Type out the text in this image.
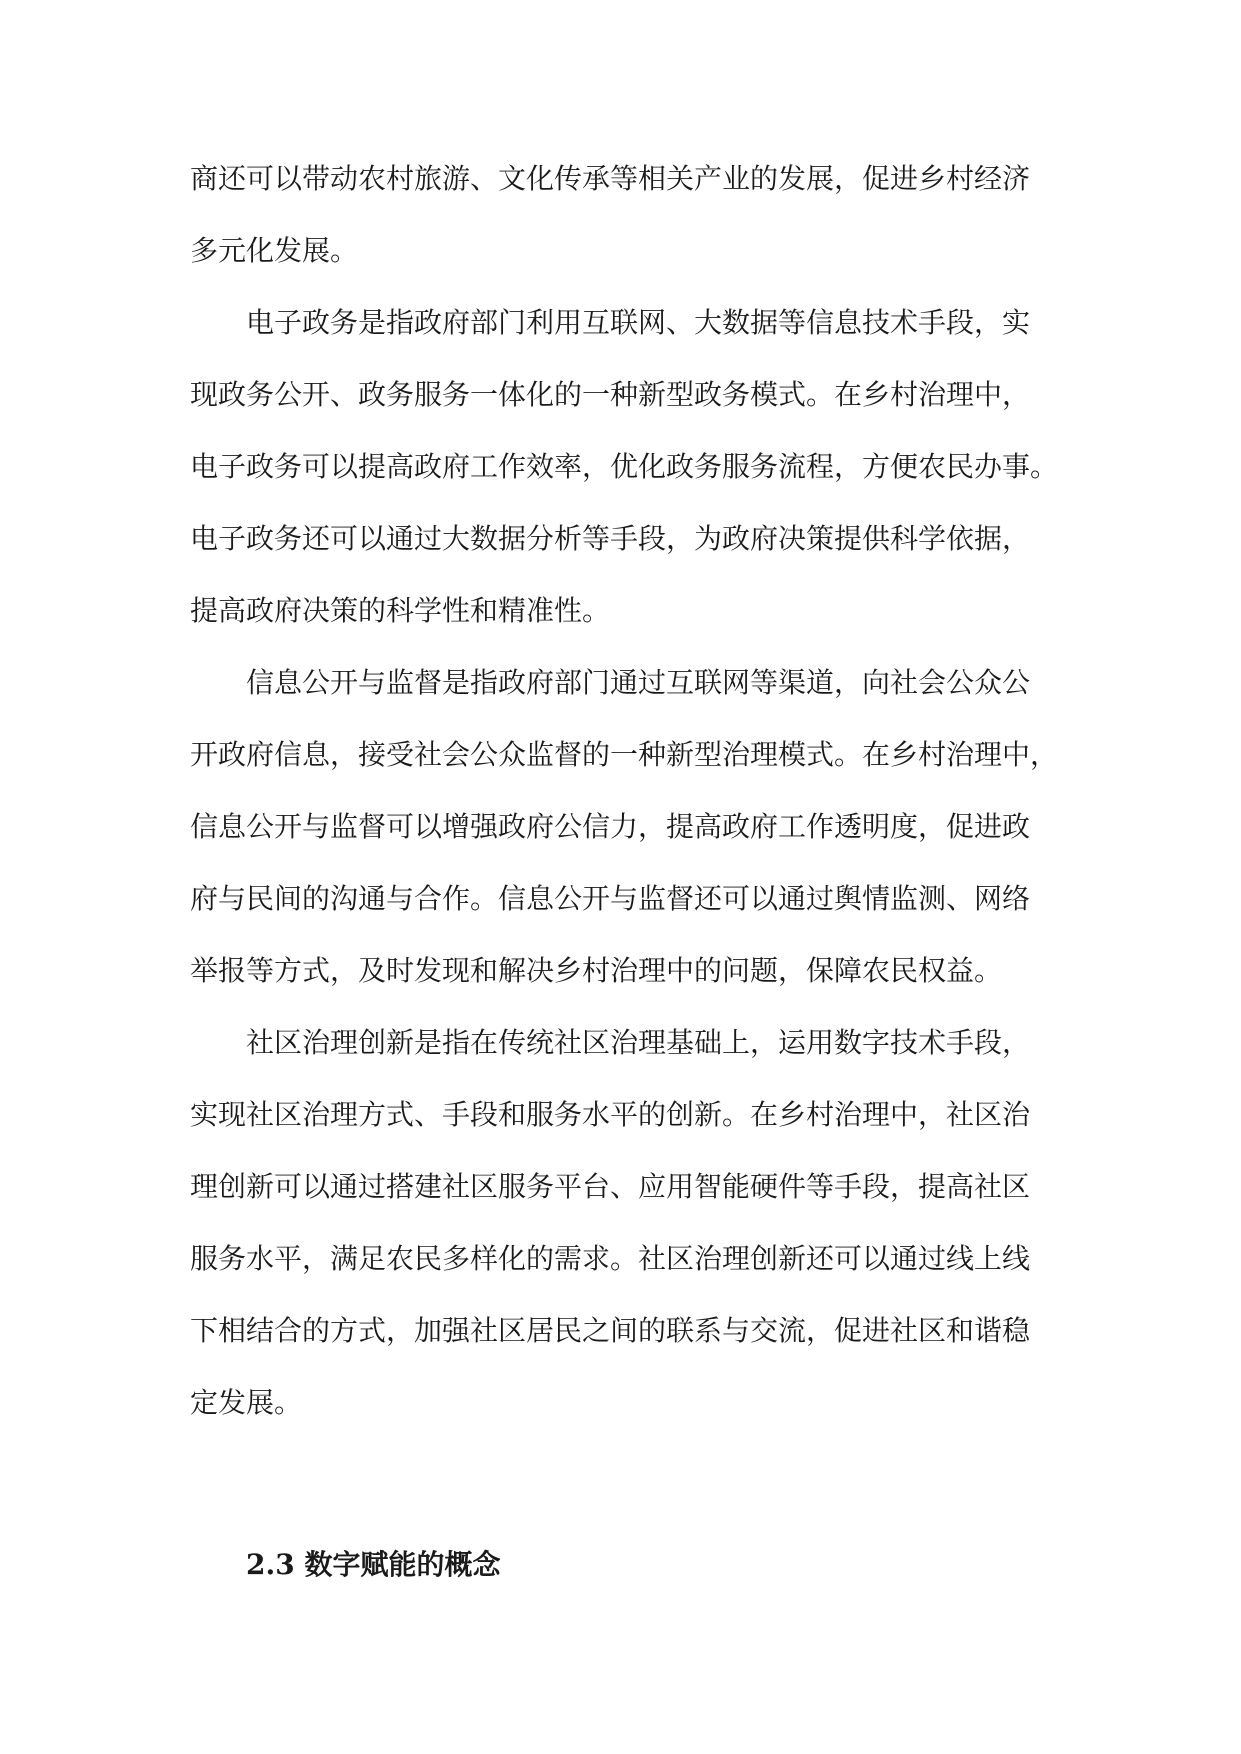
商还可以带动农村旅游、文化传承等相关产业的发展，促进乡村经济
多元化发展。

电子政务是指政府部门利用互联网、大数据等信息技术手段，实
现政务公开、政务服务一体化的一种新型政务模式。在乡村治理中，
电子政务可以提高政府工作效率，优化政务服务流程，方便农民办事。
电子政务还可以通过大数据分析等手段，为政府决策提供科学依据，
提高政府决策的科学性和精准性。

信息公开与监督是指政府部门通过互联网等渠道，向社会公众公
开政府信息，接受社会公众监督的一种新型治理模式。在乡村治理中，
信息公开与监督可以增强政府公信力，提高政府工作透明度，促进政
府与民间的沟通与合作。信息公开与监督还可以通过舆情监测、网络
举报等方式，及时发现和解决乡村治理中的问题，保障农民权益。

社区治理创新是指在传统社区治理基础上，运用数字技术手段，
实现社区治理方式、手段和服务水平的创新。在乡村治理中，社区治
理创新可以通过搭建社区服务平台、应用智能硬件等手段，提高社区
服务水平，满足农民多样化的需求。社区治理创新还可以通过线上线
下相结合的方式，加强社区居民之间的联系与交流，促进社区和谐稳
定发展。

2.3 数字赋能的概念
